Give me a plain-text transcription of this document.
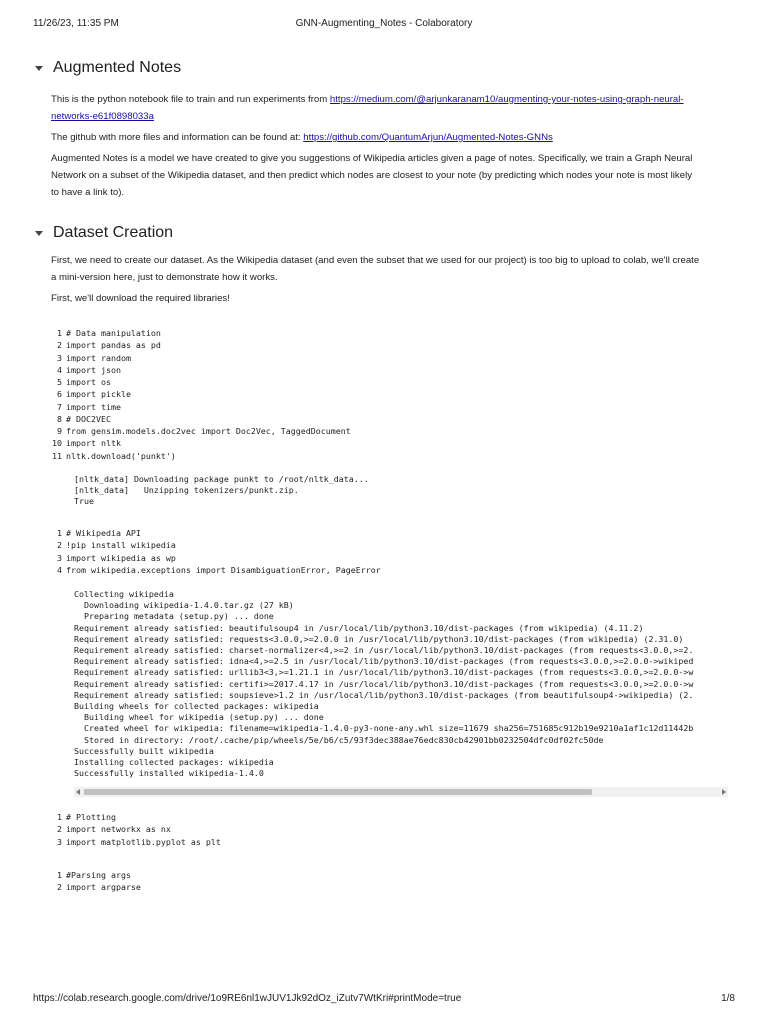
11/26/23, 11:35 PM	GNN-Augmenting_Notes - Colaboratory
Augmented Notes

This is the python notebook file to train and run experiments from https://medium.com/@arjunkaranam10/augmenting-your-notes-using-graph-neural-networks-e61f0898033a

The github with more files and information can be found at: https://github.com/QuantumArjun/Augmented-Notes-GNNs

Augmented Notes is a model we have created to give you suggestions of Wikipedia articles given a page of notes. Specifically, we train a Graph Neural Network on a subset of the Wikipedia dataset, and then predict which nodes are closest to your note (by predicting which nodes your note is most likely to have a link to).

Dataset Creation

First, we need to create our dataset. As the Wikipedia dataset (and even the subset that we used for our project) is too big to upload to colab, we'll create a mini-version here, just to demonstrate how it works.

First, we'll download the required libraries!

1 # Data manipulation
2 import pandas as pd
3 import random
4 import json
5 import os
6 import pickle
7 import time
8 # DOC2VEC
9 from gensim.models.doc2vec import Doc2Vec, TaggedDocument
10 import nltk
11 nltk.download('punkt')
[nltk_data] Downloading package punkt to /root/nltk_data...
[nltk_data]   Unzipping tokenizers/punkt.zip.
True
1 # Wikipedia API
2 !pip install wikipedia
3 import wikipedia as wp
4 from wikipedia.exceptions import DisambiguationError, PageError
Collecting wikipedia
Downloading wikipedia-1.4.0.tar.gz (27 kB)
Preparing metadata (setup.py) ... done
Requirement already satisfied: beautifulsoup4 in /usr/local/lib/python3.10/dist-packages (from wikipedia) (4.11.2)
Requirement already satisfied: requests<3.0.0,>=2.0.0 in /usr/local/lib/python3.10/dist-packages (from wikipedia) (2.31.0)
Requirement already satisfied: charset-normalizer<4,>=2 in /usr/local/lib/python3.10/dist-packages (from requests<3.0.0,>=2.
Requirement already satisfied: idna<4,>=2.5 in /usr/local/lib/python3.10/dist-packages (from requests<3.0.0,>=2.0.0->wikiped
Requirement already satisfied: urllib3<3,>=1.21.1 in /usr/local/lib/python3.10/dist-packages (from requests<3.0.0,>=2.0.0->w
Requirement already satisfied: certifi>=2017.4.17 in /usr/local/lib/python3.10/dist-packages (from requests<3.0.0,>=2.0.0->w
Requirement already satisfied: soupsieve>1.2 in /usr/local/lib/python3.10/dist-packages (from beautifulsoup4->wikipedia) (2.
Building wheels for collected packages: wikipedia
Building wheel for wikipedia (setup.py) ... done
Created wheel for wikipedia: filename=wikipedia-1.4.0-py3-none-any.whl size=11679 sha256=751685c912b19e9210a1af1c12d11442b
Stored in directory: /root/.cache/pip/wheels/5e/b6/c5/93f3dec388ae76edc830cb42901bb0232504dfc0df02fc50de
Successfully built wikipedia
Installing collected packages: wikipedia
Successfully installed wikipedia-1.4.0
1 # Plotting
2 import networkx as nx
3 import matplotlib.pyplot as plt
1 #Parsing args
2 import argparse
https://colab.research.google.com/drive/1o9RE6nl1wJUV1Jk92dOz_iZutv7WtKri#printMode=true	1/8
